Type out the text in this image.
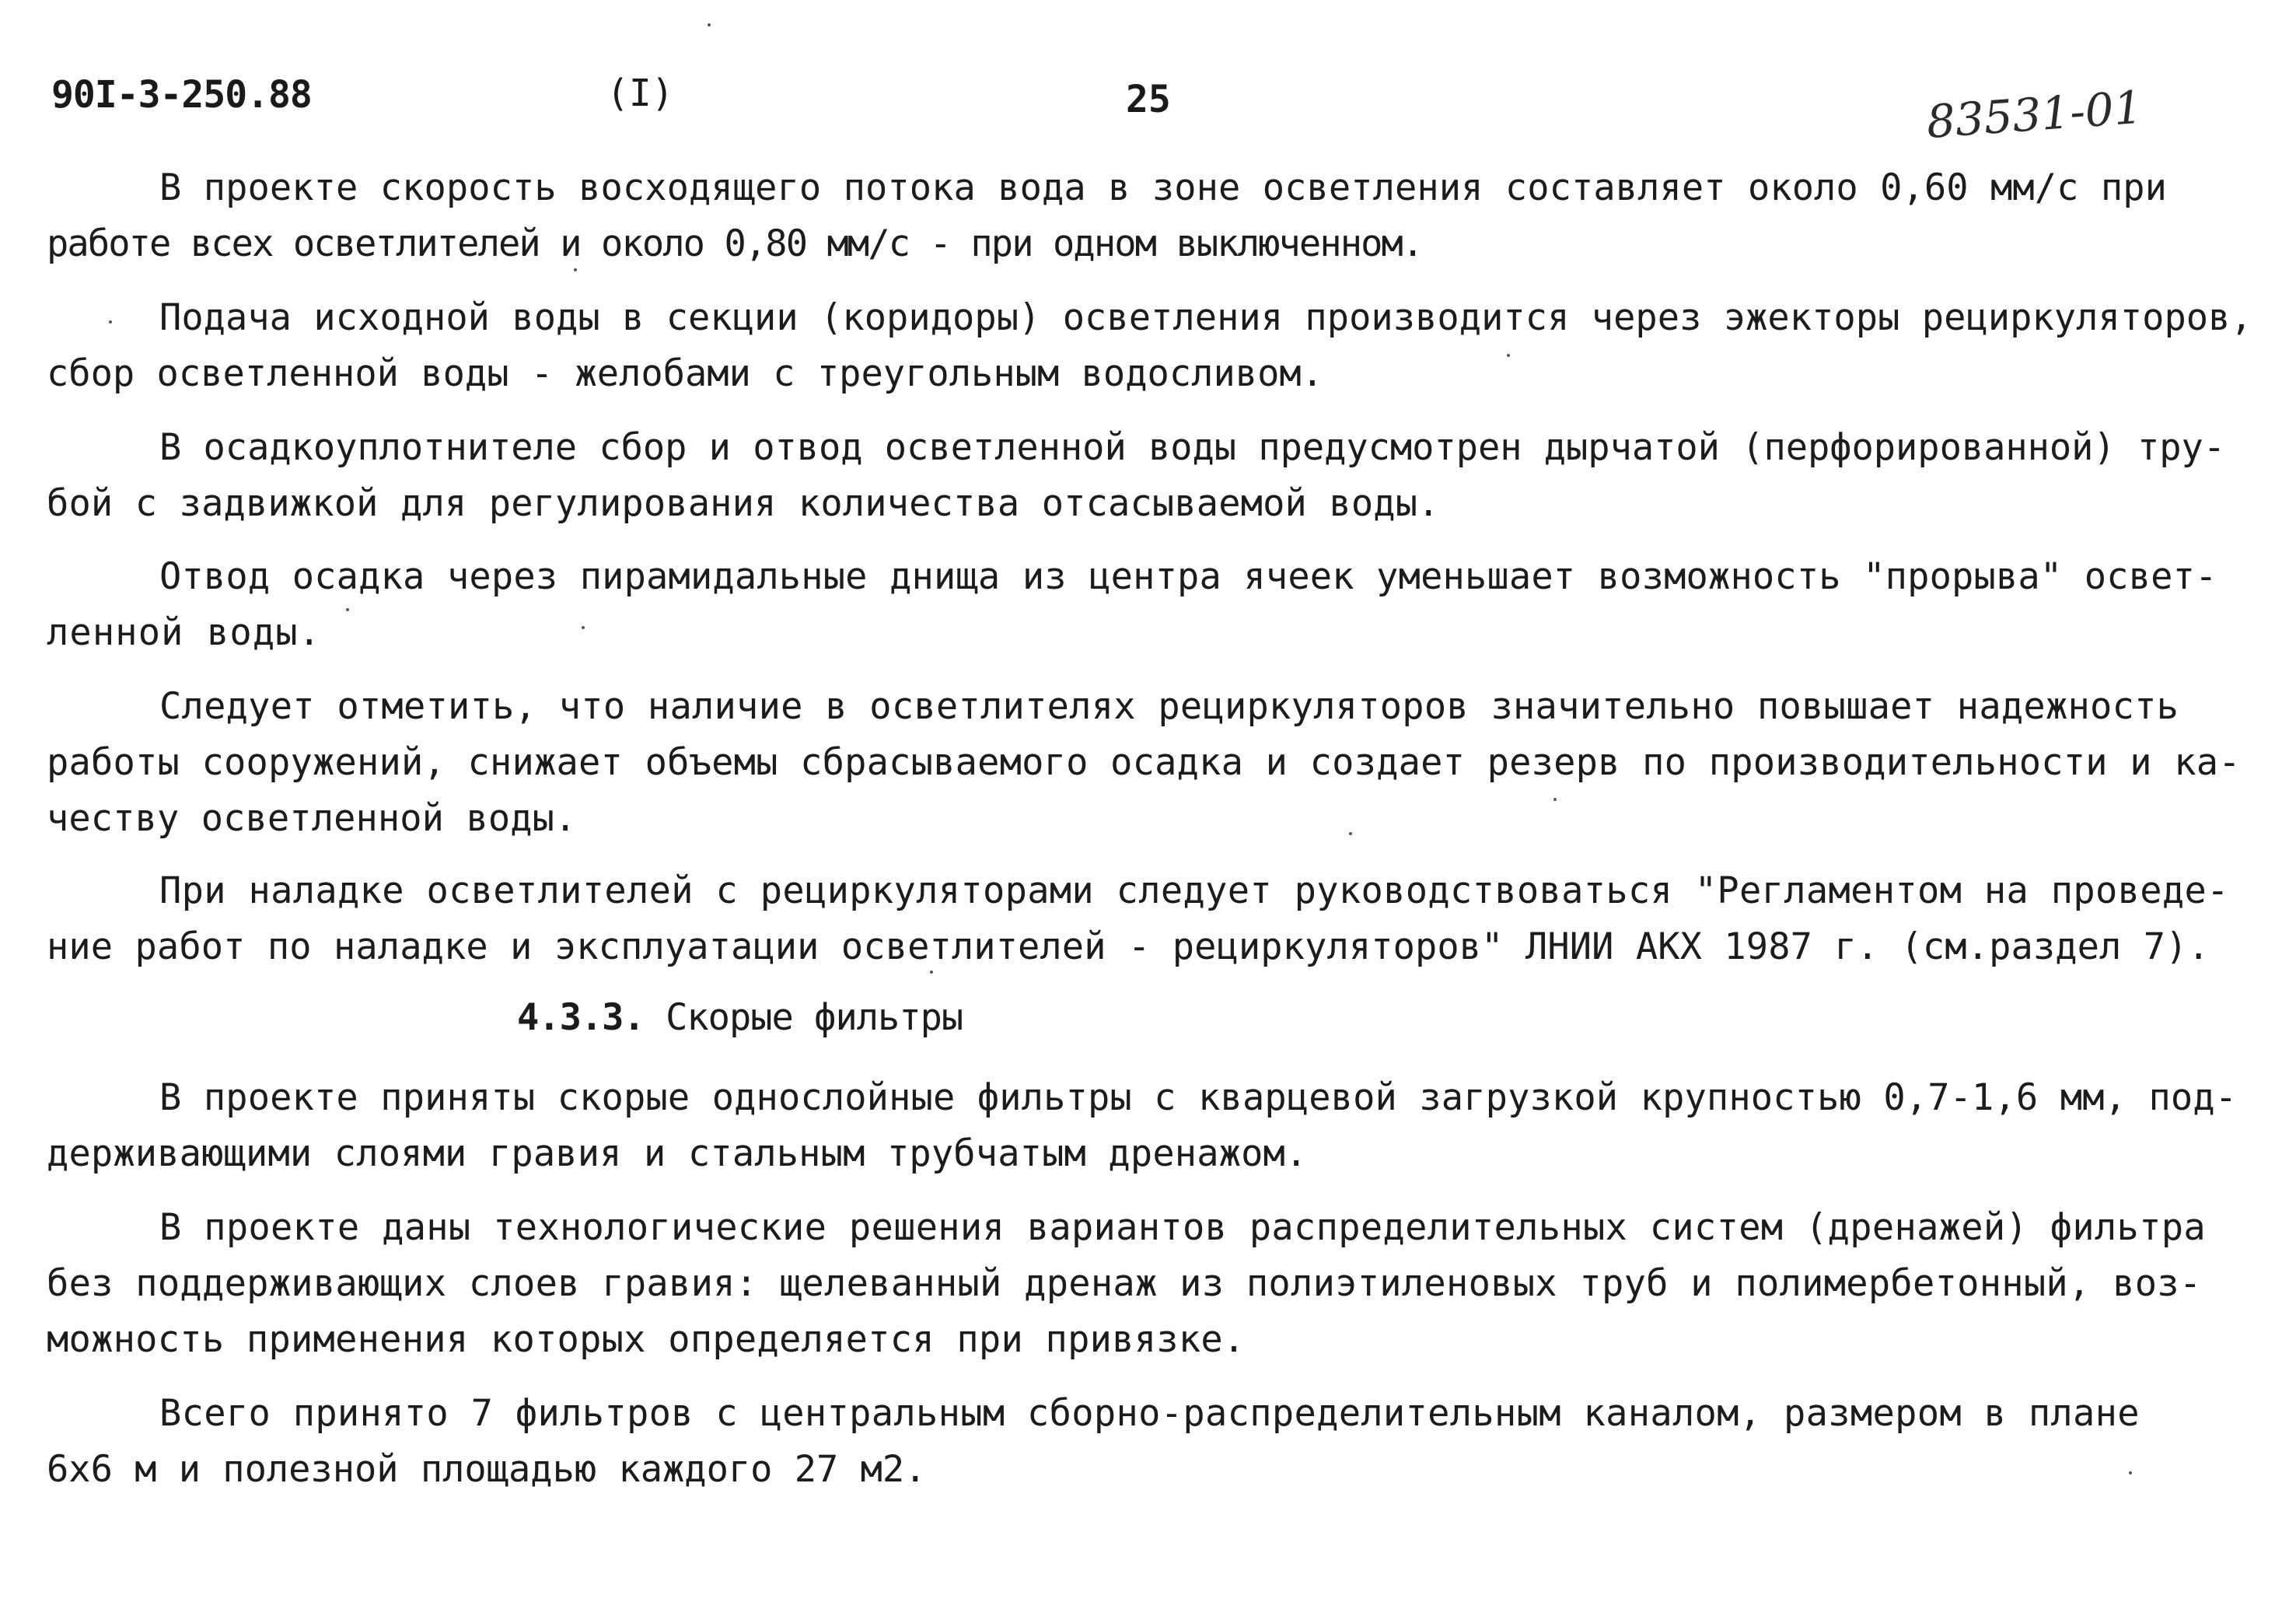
90I-3-250.88	(I)	25	83531-01
В проекте скорость восходящего потока вода в зоне осветления составляет около 0,60 мм/с при
работе всех осветлителей и около 0,80 мм/с - при одном выключенном.
Подача исходной воды в секции (коридоры) осветления производится через эжекторы рециркуляторов,
сбор осветленной воды - желобами с треугольным водосливом.
В осадкоуплотнителе сбор и отвод осветленной воды предусмотрен дырчатой (перфорированной) тру-
бой с задвижкой для регулирования количества отсасываемой воды.
Отвод осадка через пирамидальные днища из центра ячеек уменьшает возможность "прорыва" освет-
ленной воды.
Следует отметить, что наличие в осветлителях рециркуляторов значительно повышает надежность
работы сооружений, снижает объемы сбрасываемого осадка и создает резерв по производительности и ка-
честву осветленной воды.
При наладке осветлителей с рециркуляторами следует руководствоваться "Регламентом на проведе-
ние работ по наладке и эксплуатации осветлителей - рециркуляторов" ЛНИИ АКХ 1987 г. (см.раздел 7).
4.3.3. Скорые фильтры
В проекте приняты скорые однослойные фильтры с кварцевой загрузкой крупностью 0,7-1,6 мм, под-
держивающими слоями гравия и стальным трубчатым дренажом.
В проекте даны технологические решения вариантов распределительных систем (дренажей) фильтра
без поддерживающих слоев гравия: щелеванный дренаж из полиэтиленовых труб и полимербетонный, воз-
можность применения которых определяется при привязке.
Всего принято 7 фильтров с центральным сборно-распределительным каналом, размером в плане
6х6 м и полезной площадью каждого 27 м2.
